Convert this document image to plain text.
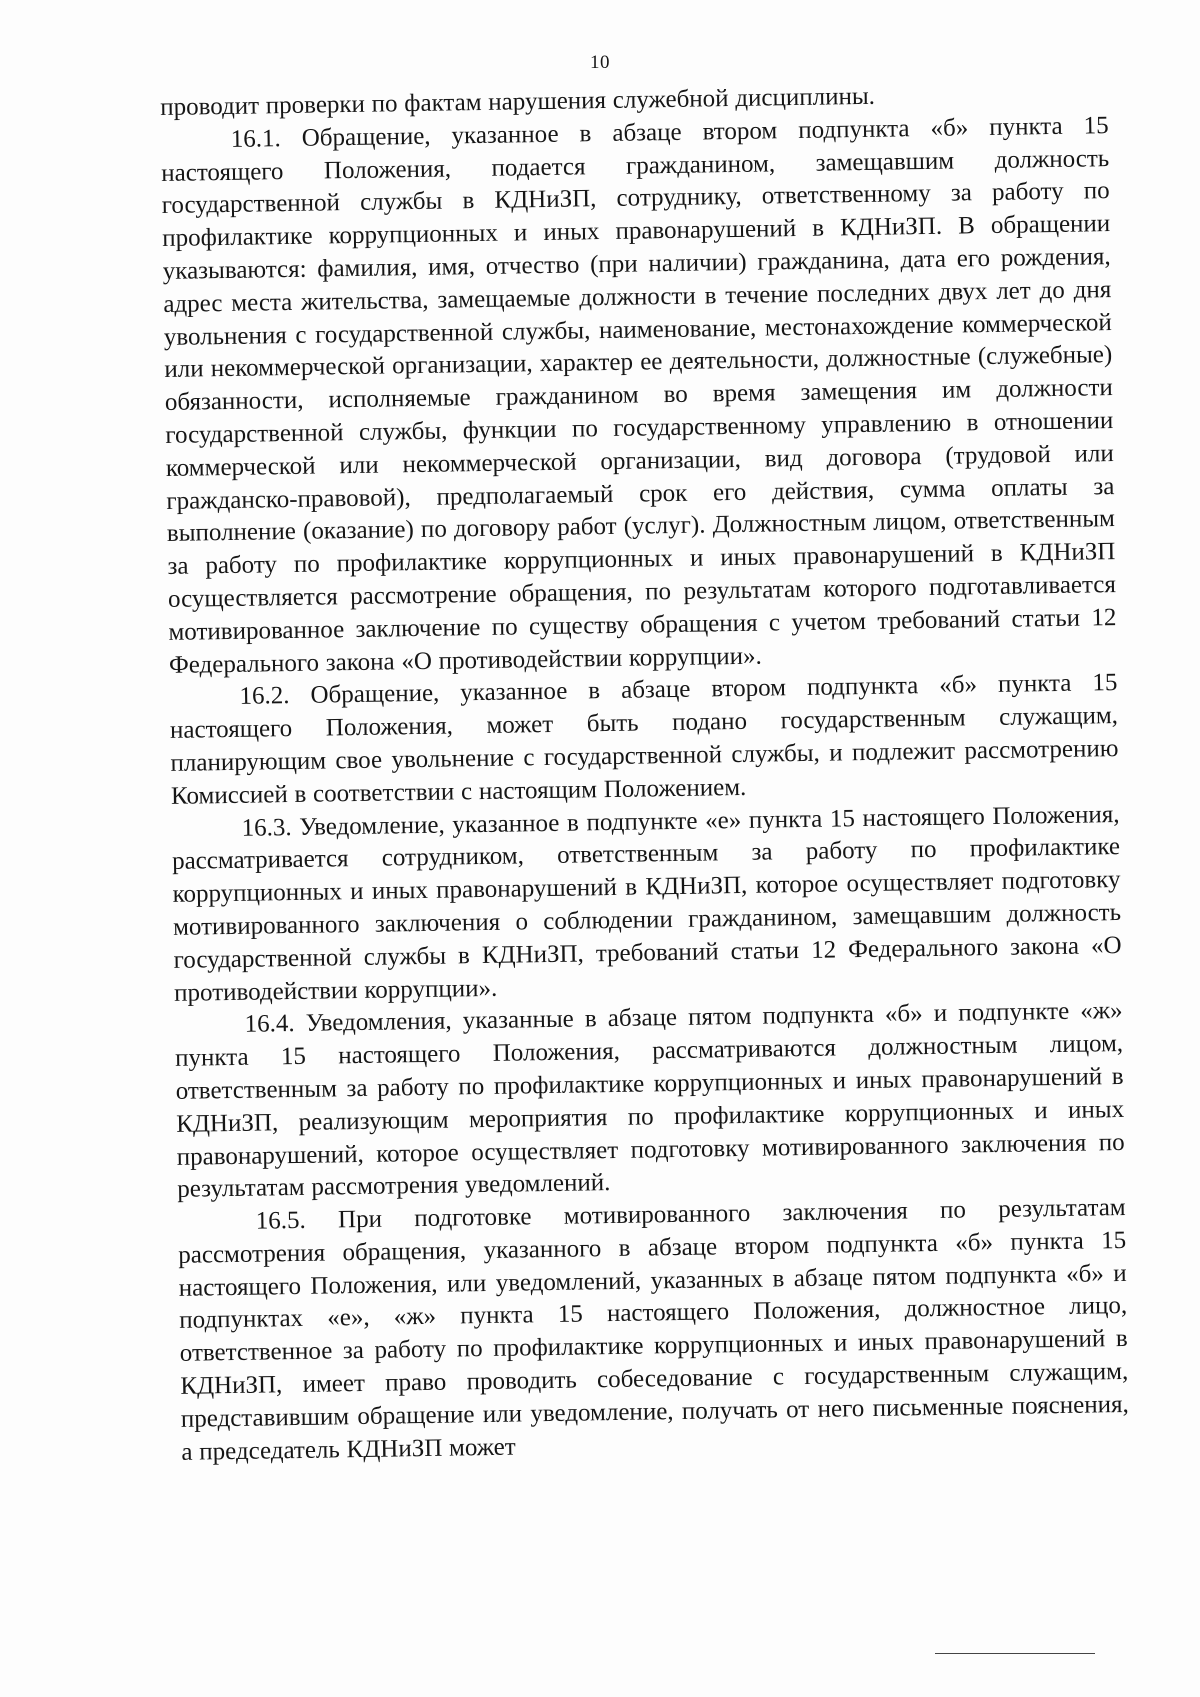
10

проводит проверки по фактам нарушения служебной дисциплины.

16.1. Обращение, указанное в абзаце втором подпункта «б» пункта 15 настоящего Положения, подается гражданином, замещавшим должность государственной службы в КДНиЗП, сотруднику, ответственному за работу по профилактике коррупционных и иных правонарушений в КДНиЗП. В обращении указываются: фамилия, имя, отчество (при наличии) гражданина, дата его рождения, адрес места жительства, замещаемые должности в течение последних двух лет до дня увольнения с государственной службы, наименование, местонахождение коммерческой или некоммерческой организации, характер ее деятельности, должностные (служебные) обязанности, исполняемые гражданином во время замещения им должности государственной службы, функции по государственному управлению в отношении коммерческой или некоммерческой организации, вид договора (трудовой или гражданско-правовой), предполагаемый срок его действия, сумма оплаты за выполнение (оказание) по договору работ (услуг). Должностным лицом, ответственным за работу по профилактике коррупционных и иных правонарушений в КДНиЗП осуществляется рассмотрение обращения, по результатам которого подготавливается мотивированное заключение по существу обращения с учетом требований статьи 12 Федерального закона «О противодействии коррупции».

16.2. Обращение, указанное в абзаце втором подпункта «б» пункта 15 настоящего Положения, может быть подано государственным служащим, планирующим свое увольнение с государственной службы, и подлежит рассмотрению Комиссией в соответствии с настоящим Положением.

16.3. Уведомление, указанное в подпункте «е» пункта 15 настоящего Положения, рассматривается сотрудником, ответственным за работу по профилактике коррупционных и иных правонарушений в КДНиЗП, которое осуществляет подготовку мотивированного заключения о соблюдении гражданином, замещавшим должность государственной службы в КДНиЗП, требований статьи 12 Федерального закона «О противодействии коррупции».

16.4. Уведомления, указанные в абзаце пятом подпункта «б» и подпункте «ж» пункта 15 настоящего Положения, рассматриваются должностным лицом, ответственным за работу по профилактике коррупционных и иных правонарушений в КДНиЗП, реализующим мероприятия по профилактике коррупционных и иных правонарушений, которое осуществляет подготовку мотивированного заключения по результатам рассмотрения уведомлений.

16.5. При подготовке мотивированного заключения по результатам рассмотрения обращения, указанного в абзаце втором подпункта «б» пункта 15 настоящего Положения, или уведомлений, указанных в абзаце пятом подпункта «б» и подпунктах «е», «ж» пункта 15 настоящего Положения, должностное лицо, ответственное за работу по профилактике коррупционных и иных правонарушений в КДНиЗП, имеет право проводить собеседование с государственным служащим, представившим обращение или уведомление, получать от него письменные пояснения, а председатель КДНиЗП может
